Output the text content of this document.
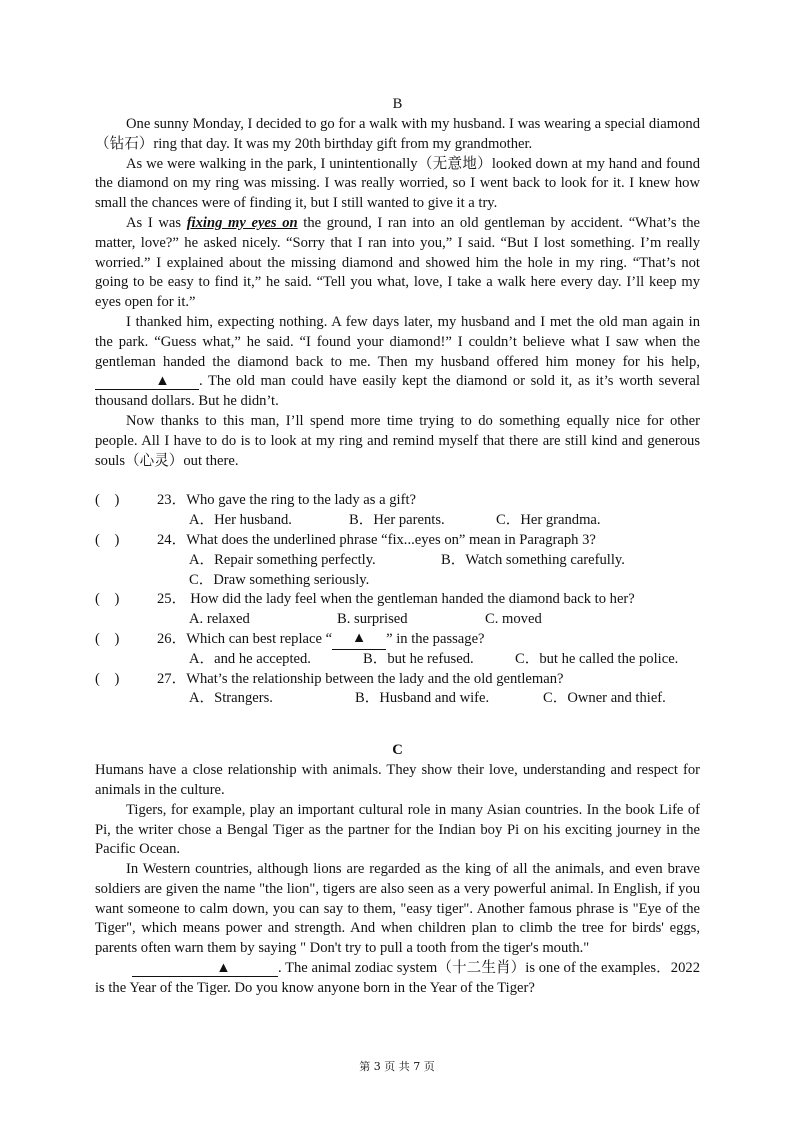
B

One sunny Monday, I decided to go for a walk with my husband. I was wearing a special diamond（钻石）ring that day. It was my 20th birthday gift from my grandmother.

As we were walking in the park, I unintentionally（无意地）looked down at my hand and found the diamond on my ring was missing. I was really worried, so I went back to look for it. I knew how small the chances were of finding it, but I still wanted to give it a try.

As I was fixing my eyes on the ground, I ran into an old gentleman by accident. “What’s the matter, love?” he asked nicely. “Sorry that I ran into you,” I said. “But I lost something. I’m really worried.” I explained about the missing diamond and showed him the hole in my ring. “That’s not going to be easy to find it,” he said. “Tell you what, love, I take a walk here every day. I’ll keep my eyes open for it.”

I thanked him, expecting nothing. A few days later, my husband and I met the old man again in the park. “Guess what,” he said. “I found your diamond!” I couldn’t believe what I saw when the gentleman handed the diamond back to me. Then my husband offered him money for his help, ▲ . The old man could have easily kept the diamond or sold it, as it’s worth several thousand dollars. But he didn’t.

Now thanks to this man, I’ll spend more time trying to do something equally nice for other people. All I have to do is to look at my ring and remind myself that there are still kind and generous souls（心灵）out there.

(　)	23． Who gave the ring to the lady as a gift?
A．Her husband.	B．Her parents.	C．Her grandma.
(　)	24． What does the underlined phrase “fix...eyes on” mean in Paragraph 3?
A．Repair something perfectly.	B．Watch something carefully.
C．Draw something seriously.
(　)	25． How did the lady feel when the gentleman handed the diamond back to her?
A. relaxed	B. surprised	C. moved
(　)	26． Which can best replace “	▲	” in the passage?
A．and he accepted.	B．but he refused.	C．but he called the police.
(　)	27． What’s the relationship between the lady and the old gentleman?
A．Strangers.	B．Husband and wife.	C．Owner and thief.
C

Humans have a close relationship with animals. They show their love, understanding and respect for animals in the culture.

Tigers, for example, play an important cultural role in many Asian countries. In the book Life of Pi, the writer chose a Bengal Tiger as the partner for the Indian boy Pi on his exciting journey in the Pacific Ocean.

In Western countries, although lions are regarded as the king of all the animals, and even brave soldiers are given the name "the lion", tigers are also seen as a very powerful animal. In English, if you want someone to calm down, you can say to them, "easy tiger". Another famous phrase is "Eye of the Tiger", which means power and strength. And when children plan to climb the tree for birds' eggs, parents often warn them by saying " Don't try to pull a tooth from the tiger's mouth."

▲	. The animal zodiac system（十二生肖）is one of the examples．2022 is the Year of the Tiger. Do you know anyone born in the Year of the Tiger?

第 3 页 共 7 页
